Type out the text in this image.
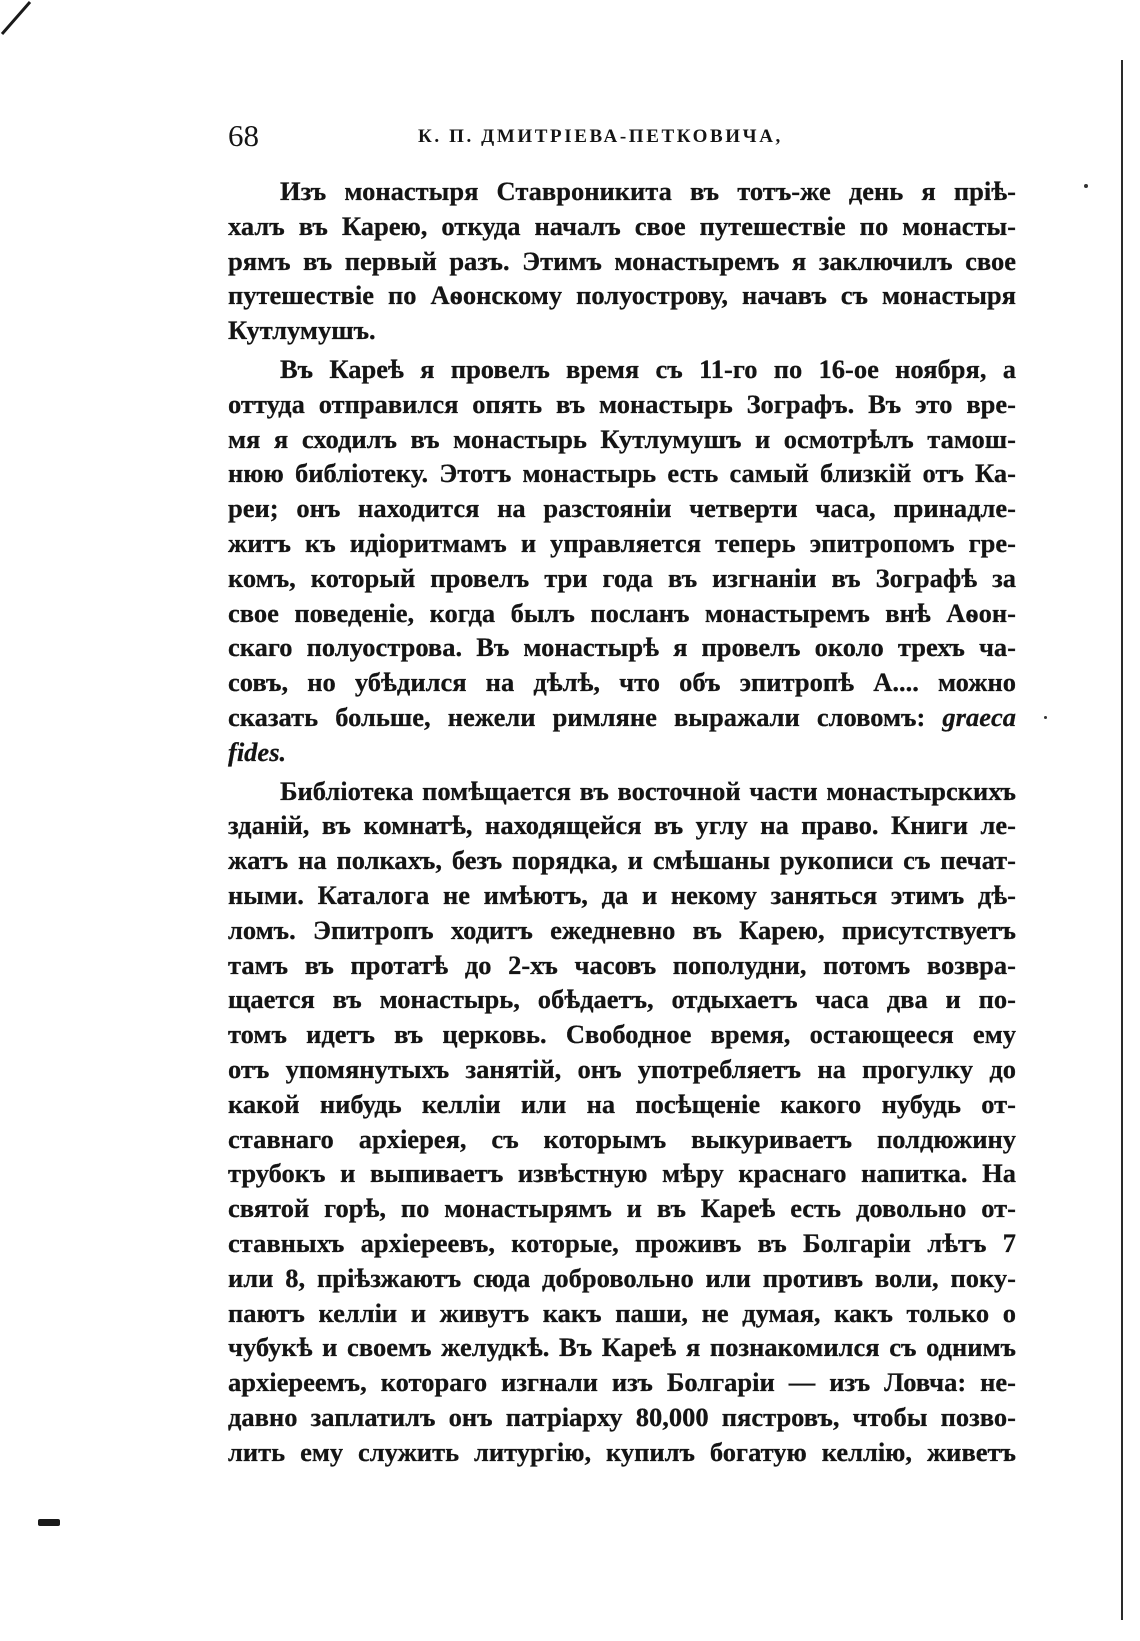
68	К. П. ДМИТРІЕВА-ПЕТКОВИЧА,

Изъ монастыря Ставроникита въ тотъ-же день я пріѣ-
халъ въ Карею, откуда началъ свое путешествіе по монасты-
рямъ въ первый разъ. Этимъ монастыремъ я заключилъ свое
путешествіе по Аѳонскому полуострову, начавъ съ монастыря
Кутлумушъ.

Въ Кареѣ я провелъ время съ 11-го по 16-ое ноября, а
оттуда отправился опять въ монастырь Зографъ. Въ это вре-
мя я сходилъ въ монастырь Кутлумушъ и осмотрѣлъ тамош-
нюю библіотеку. Этотъ монастырь есть самый близкій отъ Ка-
реи; онъ находится на разстояніи четверти часа, принадле-
житъ къ идіоритмамъ и управляется теперь эпитропомъ гре-
комъ, который провелъ три года въ изгнаніи въ Зографѣ за
свое поведеніе, когда былъ посланъ монастыремъ внѣ Аѳон-
скаго полуострова. Въ монастырѣ я провелъ около трехъ ча-
совъ, но убѣдился на дѣлѣ, что объ эпитропѣ А.... можно
сказать больше, нежели римляне выражали словомъ: graeca
fides.

Библіотека помѣщается въ восточной части монастырскихъ
зданій, въ комнатѣ, находящейся въ углу на право. Книги ле-
жатъ на полкахъ, безъ порядка, и смѣшаны рукописи съ печат-
ными. Каталога не имѣютъ, да и некому заняться этимъ дѣ-
ломъ. Эпитропъ ходитъ ежедневно въ Карею, присутствуетъ
тамъ въ протатѣ до 2-хъ часовъ пополудни, потомъ возвра-
щается въ монастырь, обѣдаетъ, отдыхаетъ часа два и по-
томъ идетъ въ церковь. Свободное время, остающееся ему
отъ упомянутыхъ занятій, онъ употребляетъ на прогулку до
какой нибудь келліи или на посѣщеніе какого нубудь от-
ставнаго архіерея, съ которымъ выкуриваетъ полдюжину
трубокъ и выпиваетъ извѣстную мѣру краснаго напитка. На
святой горѣ, по монастырямъ и въ Кареѣ есть довольно от-
ставныхъ архіереевъ, которые, проживъ въ Болгаріи лѣтъ 7
или 8, пріѣзжаютъ сюда добровольно или противъ воли, поку-
паютъ келліи и живутъ какъ паши, не думая, какъ только о
чубукѣ и своемъ желудкѣ. Въ Кареѣ я познакомился съ однимъ
архіереемъ, котораго изгнали изъ Болгаріи — изъ Ловча: не-
давно заплатилъ онъ патріарху 80,000 пястровъ, чтобы позво-
лить ему служить литургію, купилъ богатую келлію, живетъ
